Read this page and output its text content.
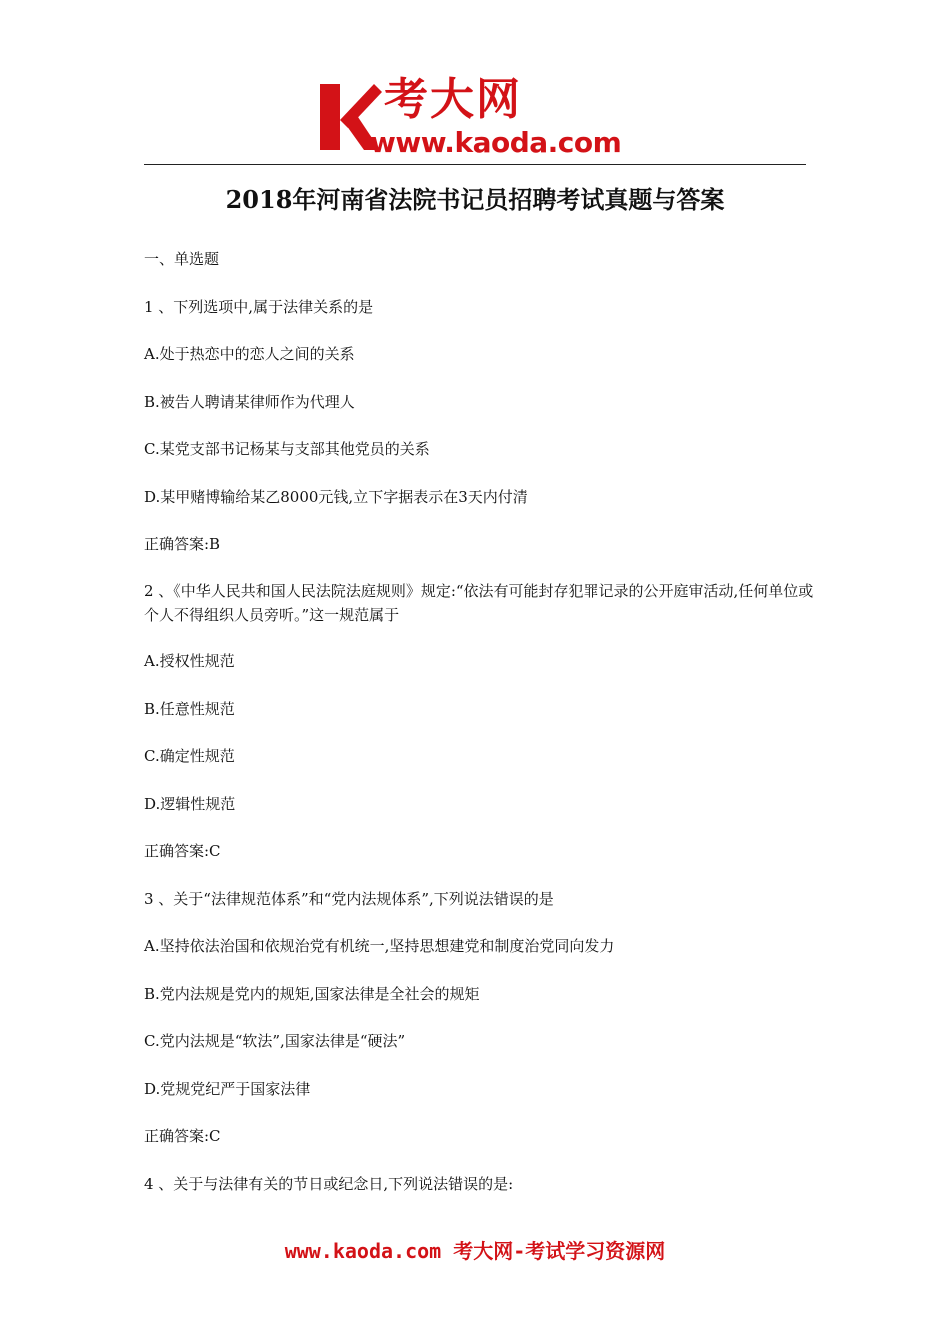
考大网
www.kaoda.com
2018年河南省法院书记员招聘考试真题与答案

一、单选题

1 、下列选项中,属于法律关系的是

A.处于热恋中的恋人之间的关系

B.被告人聘请某律师作为代理人

C.某党支部书记杨某与支部其他党员的关系

D.某甲赌博输给某乙8000元钱,立下字据表示在3天内付清

正确答案:B

2 、《中华人民共和国人民法院法庭规则》规定:“依法有可能封存犯罪记录的公开庭审活动,任何单位或个人不得组织人员旁听。”这一规范属于

A.授权性规范

B.任意性规范

C.确定性规范

D.逻辑性规范

正确答案:C

3 、关于“法律规范体系”和“党内法规体系”,下列说法错误的是

A.坚持依法治国和依规治党有机统一,坚持思想建党和制度治党同向发力

B.党内法规是党内的规矩,国家法律是全社会的规矩

C.党内法规是“软法”,国家法律是“硬法”

D.党规党纪严于国家法律

正确答案:C

4 、关于与法律有关的节日或纪念日,下列说法错误的是:

www.kaoda.com 考大网-考试学习资源网
